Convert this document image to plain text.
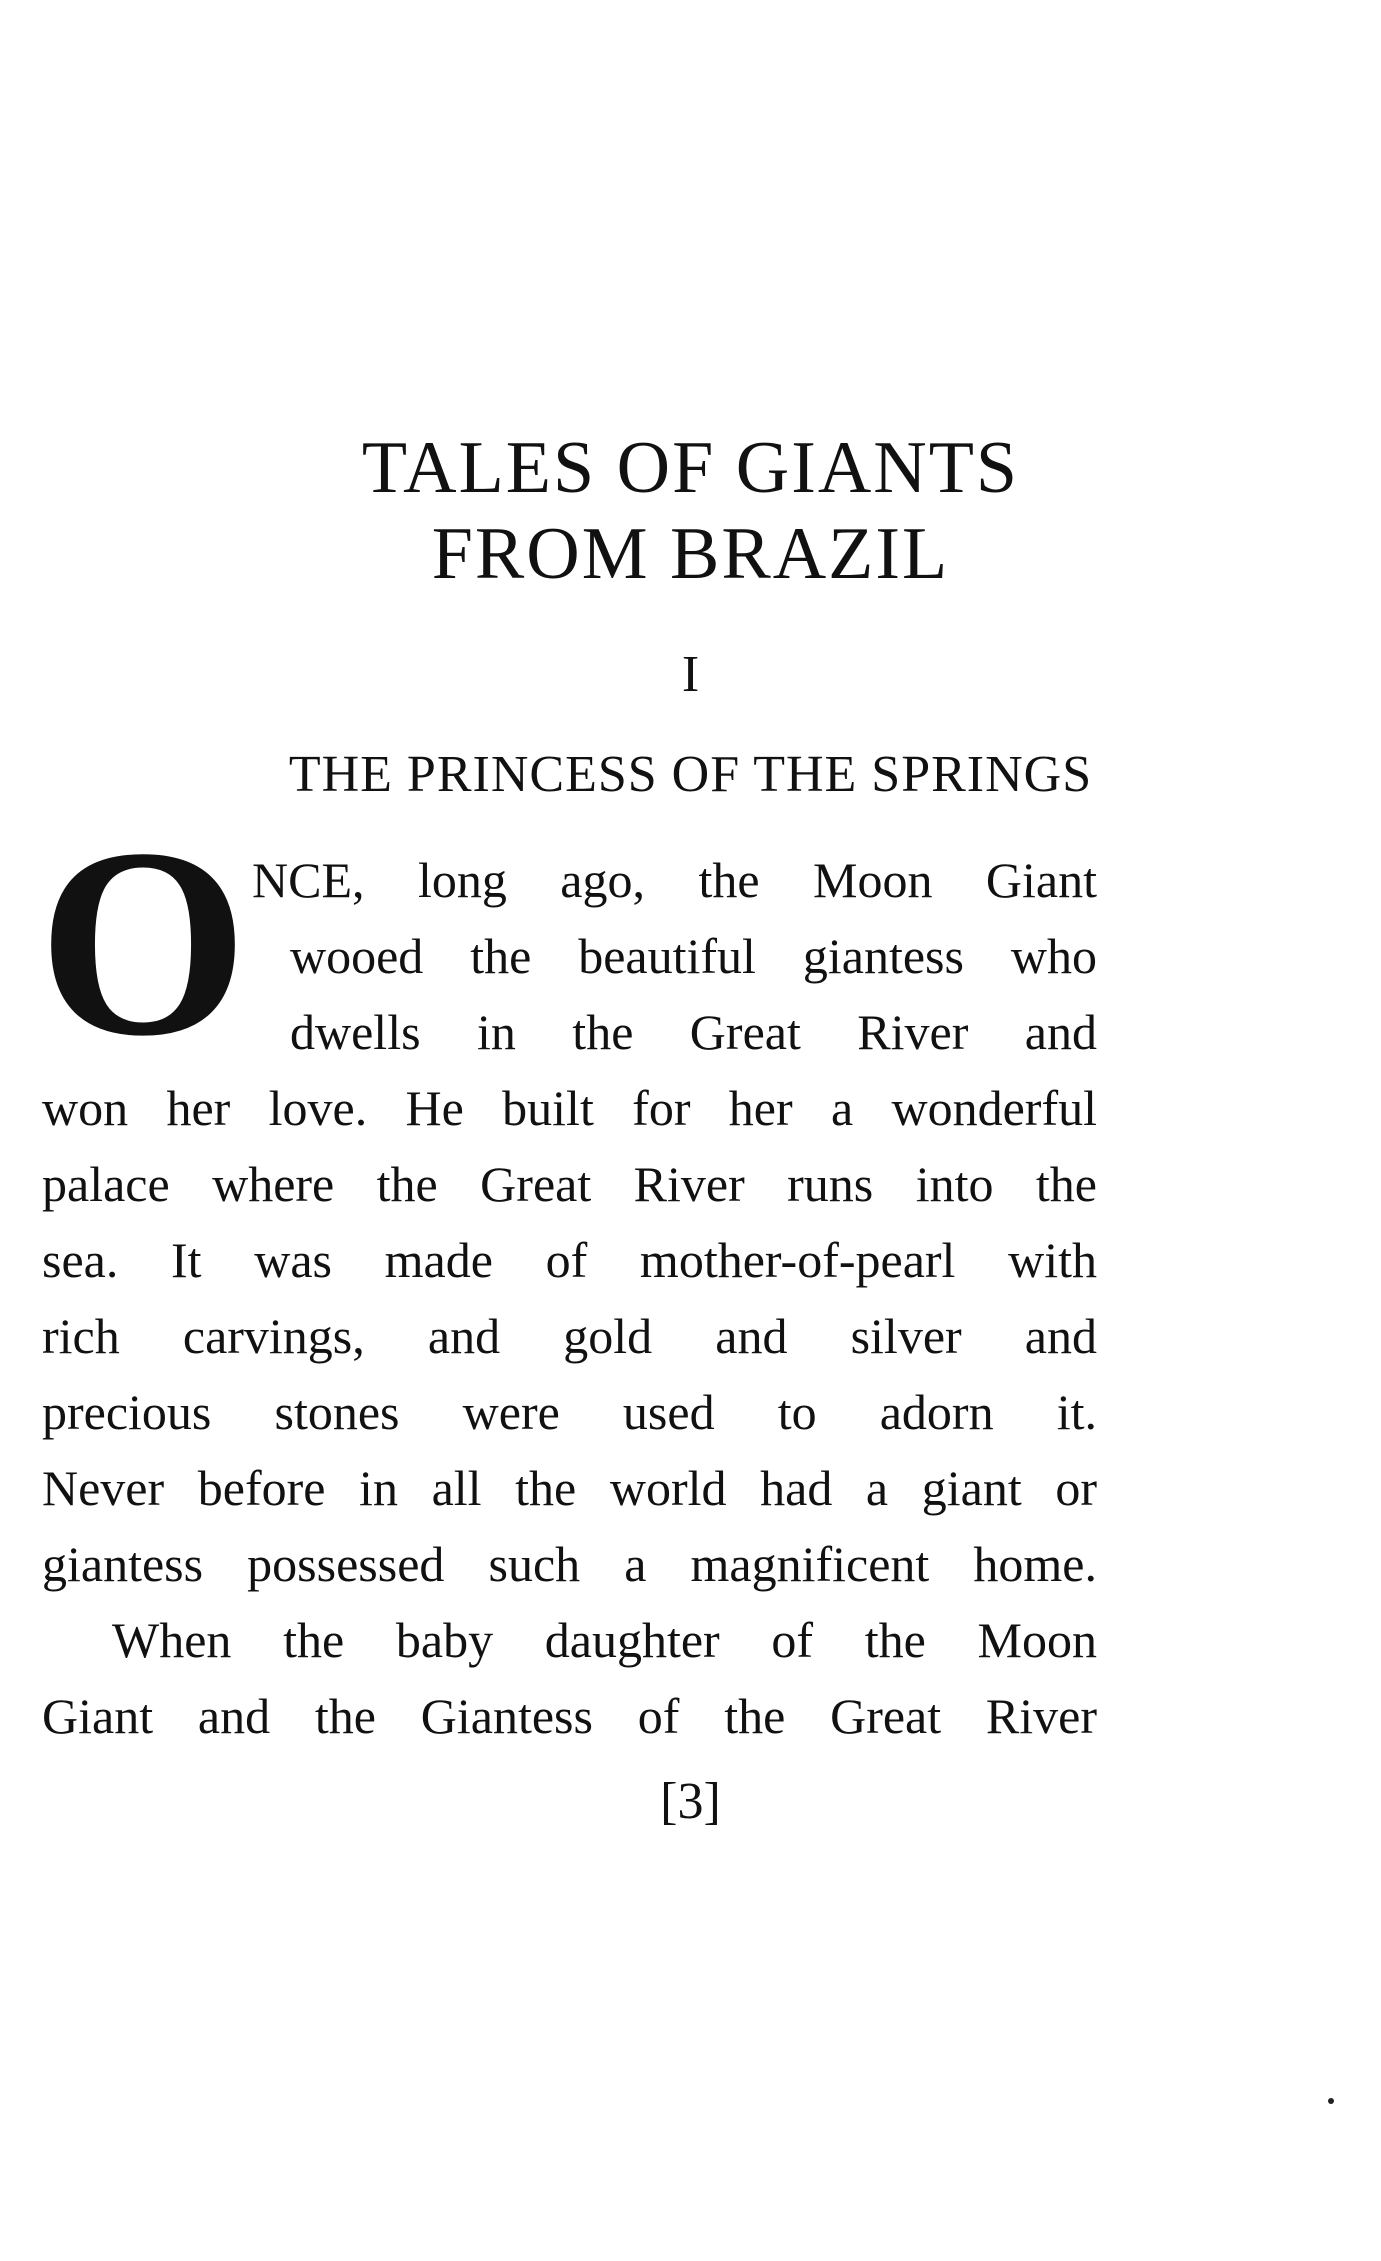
TALES OF GIANTS
FROM BRAZIL
I
THE PRINCESS OF THE SPRINGS
O NCE, long ago, the Moon Giant
wooed the beautiful giantess who
dwells in the Great River and
won her love. He built for her a wonderful
palace where the Great River runs into the
sea. It was made of mother-of-pearl with
rich carvings, and gold and silver and
precious stones were used to adorn it.
Never before in all the world had a giant or
giantess possessed such a magnificent home.
When the baby daughter of the Moon
Giant and the Giantess of the Great River
[3]
